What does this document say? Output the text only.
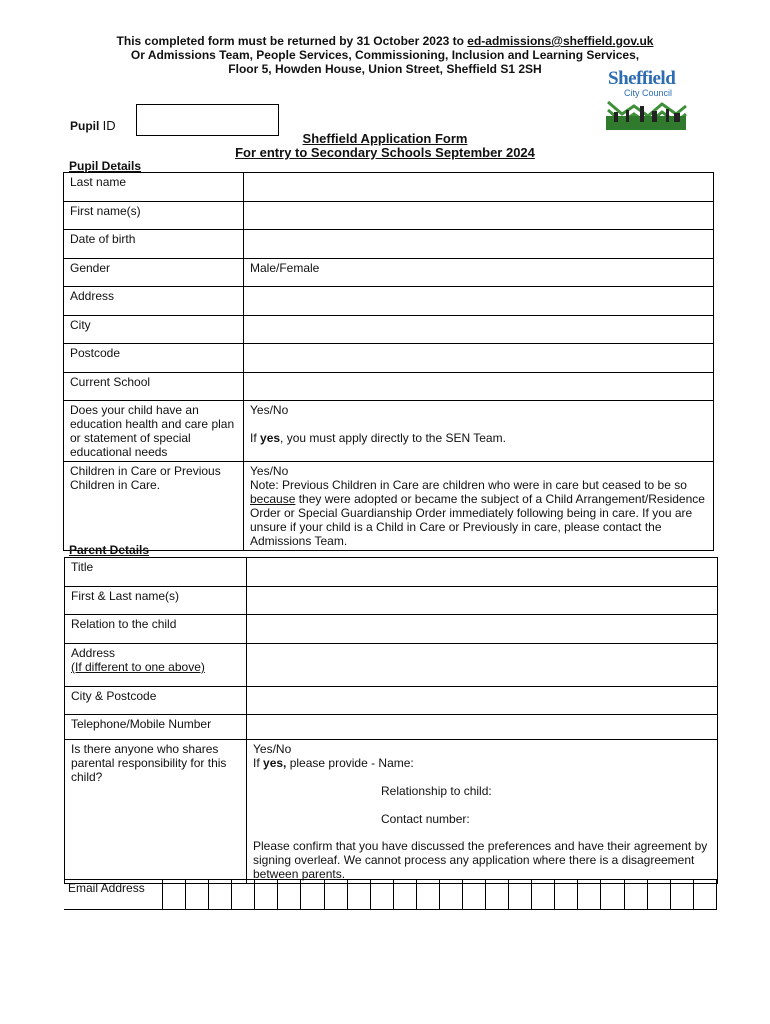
This completed form must be returned by 31 October 2023 to ed-admissions@sheffield.gov.uk
Or Admissions Team, People Services, Commissioning, Inclusion and Learning Services,
Floor 5, Howden House, Union Street, Sheffield S1 2SH	Sheffield
City Council
Pupil ID
Sheffield Application Form
For entry to Secondary Schools September 2024
Pupil Details
Last name	
First name(s)	
Date of birth	
Gender	Male/Female
Address	
City	
Postcode	
Current School	
Does your child have an education health and care plan or statement of special educational needs	Yes/No
If yes, you must apply directly to the SEN Team.

Children in Care or Previous Children in Care.	Yes/No
Note: Previous Children in Care are children who were in care but ceased to be so because they were adopted or became the subject of a Child Arrangement/Residence Order or Special Guardianship Order immediately following being in care. If you are unsure if your child is a Child in Care or Previously in care, please contact the Admissions Team.
Parent Details
Title	
First & Last name(s)	
Relation to the child	

Address
(If different to one above)	

City & Postcode	
Telephone/Mobile Number	
Is there anyone who shares parental responsibility for this child?	Yes/No
If yes, please provide - Name:
Relationship to child:
Contact number:
Please confirm that you have discussed the preferences and have their agreement by signing overleaf. We cannot process any application where there is a disagreement between parents.
Email Address
